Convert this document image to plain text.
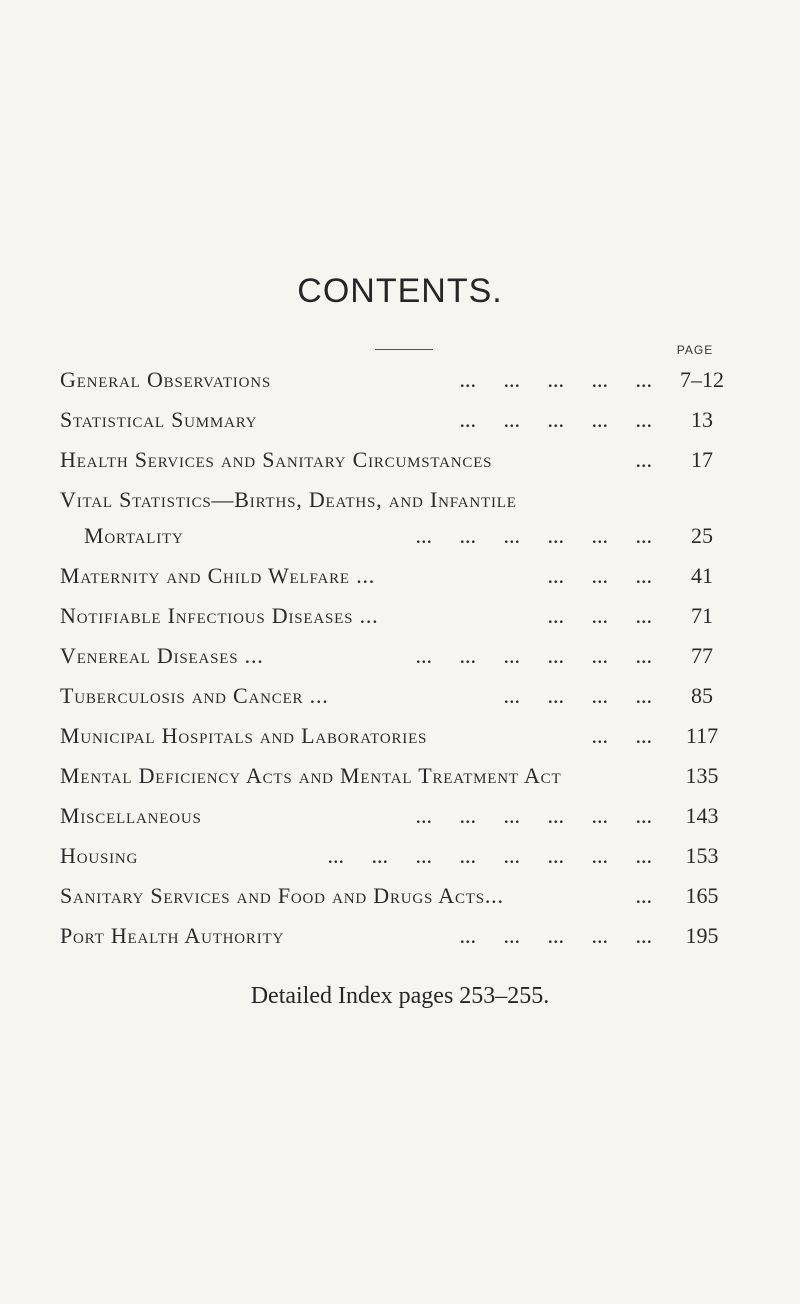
CONTENTS.
PAGE
General Observations	... ... ... ... ...	7–12
Statistical Summary	... ... ... ... ...	13
Health Services and Sanitary Circumstances	...	17
Vital Statistics—Births, Deaths, and Infantile
Mortality	... ... ... ... ... ...	25
Maternity and Child Welfare ...	... ... ...	41
Notifiable Infectious Diseases ...	... ... ...	71
Venereal Diseases ...	... ... ... ... ... ...	77
Tuberculosis and Cancer ...	... ... ... ...	85
Municipal Hospitals and Laboratories	... ...	117
Mental Deficiency Acts and Mental Treatment Act	135
Miscellaneous	... ... ... ... ... ...	143
Housing	... ... ... ... ... ... ... ...	153
Sanitary Services and Food and Drugs Acts...	...	165
Port Health Authority	... ... ... ... ...	195
Detailed Index pages 253–255.
